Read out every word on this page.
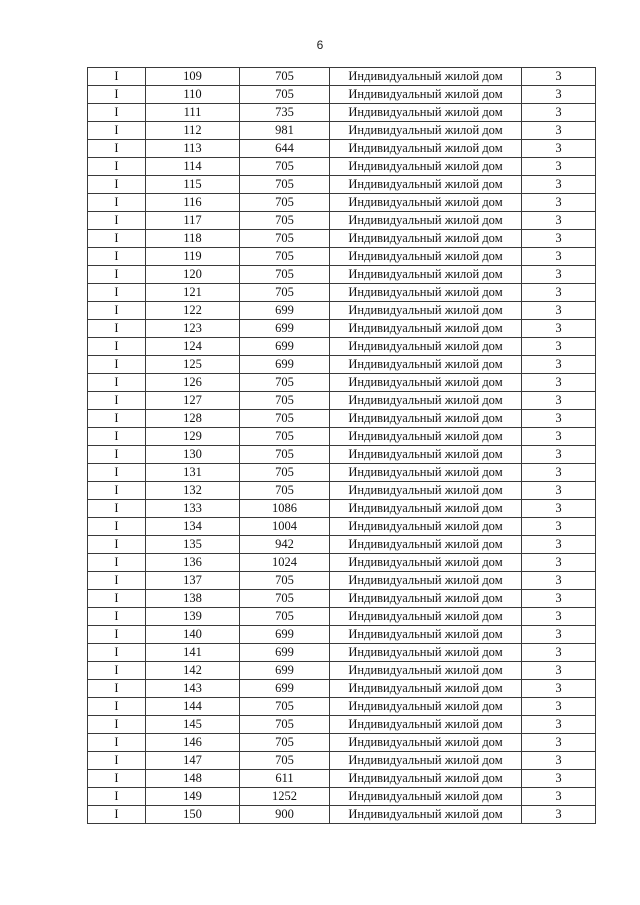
6
I	109	705	Индивидуальный жилой дом	3
I	110	705	Индивидуальный жилой дом	3
I	111	735	Индивидуальный жилой дом	3
I	112	981	Индивидуальный жилой дом	3
I	113	644	Индивидуальный жилой дом	3
I	114	705	Индивидуальный жилой дом	3
I	115	705	Индивидуальный жилой дом	3
I	116	705	Индивидуальный жилой дом	3
I	117	705	Индивидуальный жилой дом	3
I	118	705	Индивидуальный жилой дом	3
I	119	705	Индивидуальный жилой дом	3
I	120	705	Индивидуальный жилой дом	3
I	121	705	Индивидуальный жилой дом	3
I	122	699	Индивидуальный жилой дом	3
I	123	699	Индивидуальный жилой дом	3
I	124	699	Индивидуальный жилой дом	3
I	125	699	Индивидуальный жилой дом	3
I	126	705	Индивидуальный жилой дом	3
I	127	705	Индивидуальный жилой дом	3
I	128	705	Индивидуальный жилой дом	3
I	129	705	Индивидуальный жилой дом	3
I	130	705	Индивидуальный жилой дом	3
I	131	705	Индивидуальный жилой дом	3
I	132	705	Индивидуальный жилой дом	3
I	133	1086	Индивидуальный жилой дом	3
I	134	1004	Индивидуальный жилой дом	3
I	135	942	Индивидуальный жилой дом	3
I	136	1024	Индивидуальный жилой дом	3
I	137	705	Индивидуальный жилой дом	3
I	138	705	Индивидуальный жилой дом	3
I	139	705	Индивидуальный жилой дом	3
I	140	699	Индивидуальный жилой дом	3
I	141	699	Индивидуальный жилой дом	3
I	142	699	Индивидуальный жилой дом	3
I	143	699	Индивидуальный жилой дом	3
I	144	705	Индивидуальный жилой дом	3
I	145	705	Индивидуальный жилой дом	3
I	146	705	Индивидуальный жилой дом	3
I	147	705	Индивидуальный жилой дом	3
I	148	611	Индивидуальный жилой дом	3
I	149	1252	Индивидуальный жилой дом	3
I	150	900	Индивидуальный жилой дом	3
